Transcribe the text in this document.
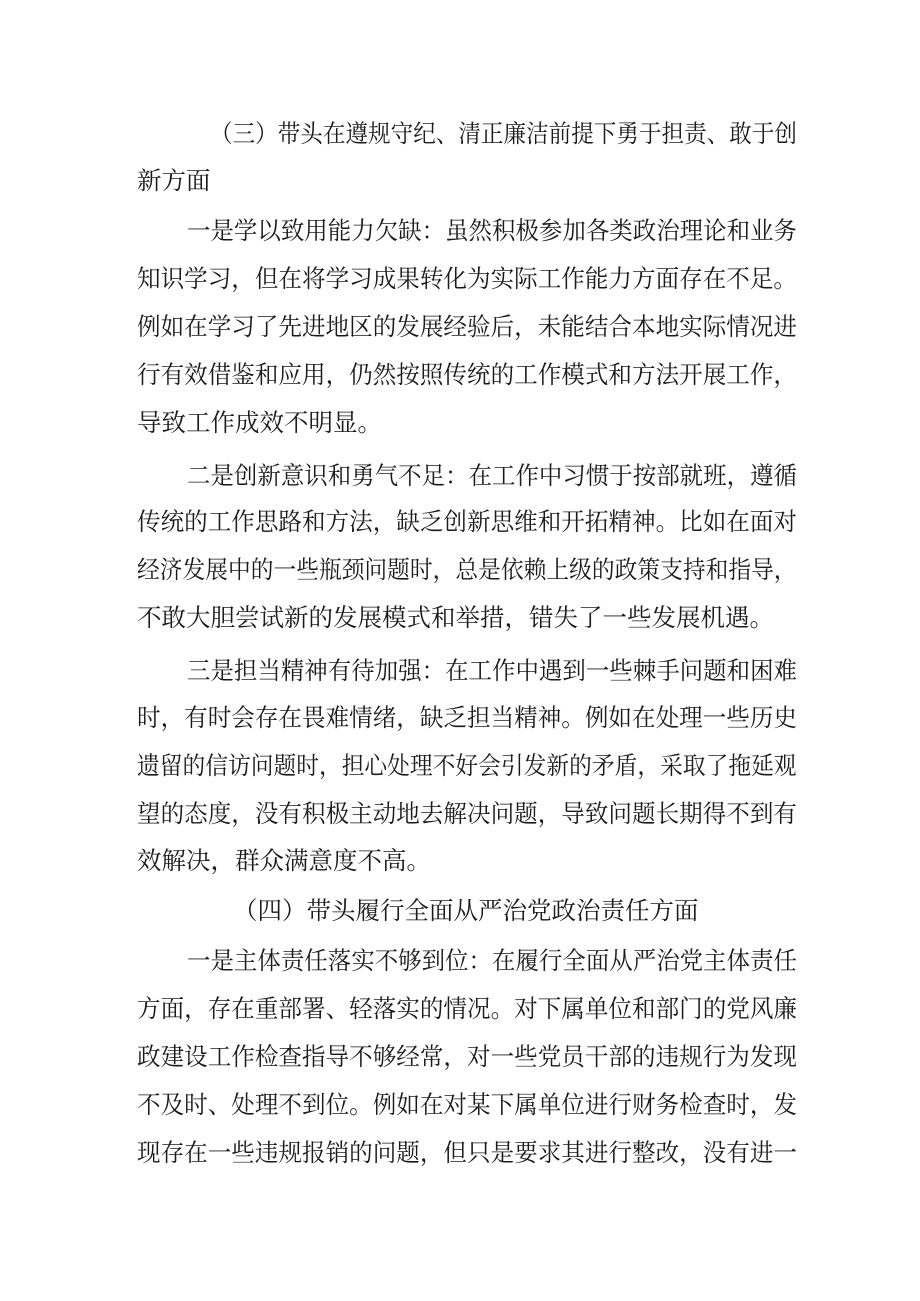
（三）带头在遵规守纪、清正廉洁前提下勇于担责、敢于创
新方面
一是学以致用能力欠缺：虽然积极参加各类政治理论和业务
知识学习，但在将学习成果转化为实际工作能力方面存在不足。
例如在学习了先进地区的发展经验后，未能结合本地实际情况进
行有效借鉴和应用，仍然按照传统的工作模式和方法开展工作，
导致工作成效不明显。
二是创新意识和勇气不足：在工作中习惯于按部就班，遵循
传统的工作思路和方法，缺乏创新思维和开拓精神。比如在面对
经济发展中的一些瓶颈问题时，总是依赖上级的政策支持和指导，
不敢大胆尝试新的发展模式和举措，错失了一些发展机遇。
三是担当精神有待加强：在工作中遇到一些棘手问题和困难
时，有时会存在畏难情绪，缺乏担当精神。例如在处理一些历史
遗留的信访问题时，担心处理不好会引发新的矛盾，采取了拖延观
望的态度，没有积极主动地去解决问题，导致问题长期得不到有
效解决，群众满意度不高。
（四）带头履行全面从严治党政治责任方面
一是主体责任落实不够到位：在履行全面从严治党主体责任
方面，存在重部署、轻落实的情况。对下属单位和部门的党风廉
政建设工作检查指导不够经常，对一些党员干部的违规行为发现
不及时、处理不到位。例如在对某下属单位进行财务检查时，发
现存在一些违规报销的问题，但只是要求其进行整改，没有进一
